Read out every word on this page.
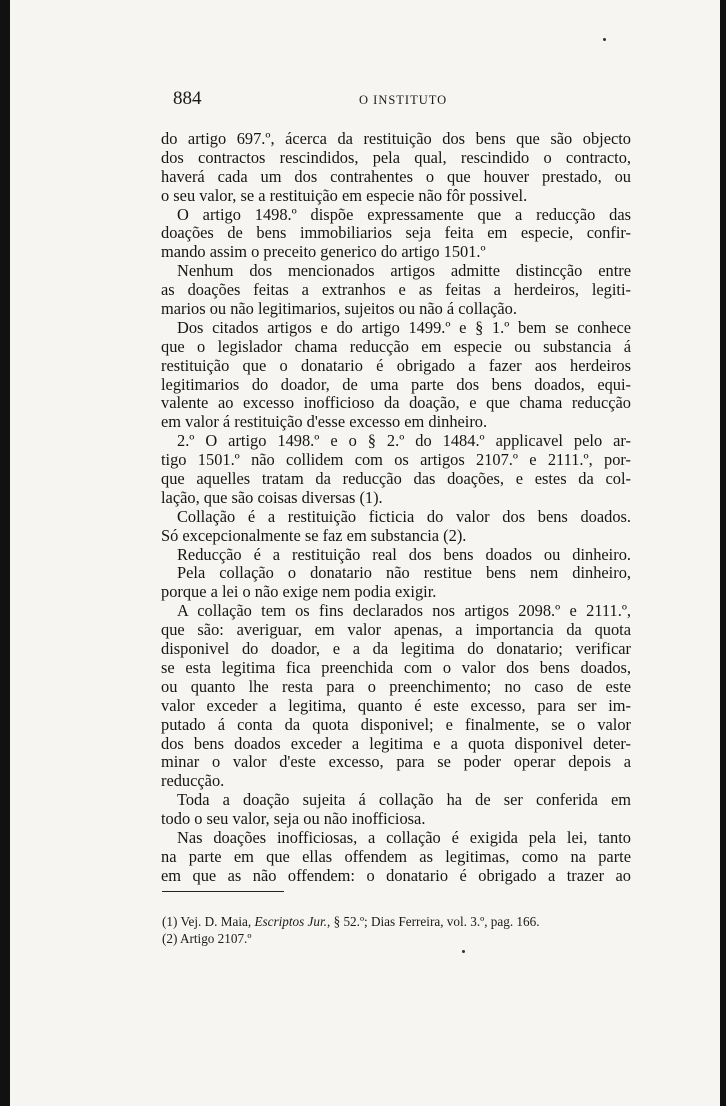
884	O INSTITUTO
do artigo 697.º, ácerca da restituição dos bens que são objecto
dos contractos rescindidos, pela qual, rescindido o contracto,
haverá cada um dos contrahentes o que houver prestado, ou
o seu valor, se a restituição em especie não fôr possivel.
O artigo 1498.º dispõe expressamente que a reducção das
doações de bens immobiliarios seja feita em especie, confir-
mando assim o preceito generico do artigo 1501.º
Nenhum dos mencionados artigos admitte distincção entre
as doações feitas a extranhos e as feitas a herdeiros, legiti-
marios ou não legitimarios, sujeitos ou não á collação.
Dos citados artigos e do artigo 1499.º e § 1.º bem se conhece
que o legislador chama reducção em especie ou substancia á
restituição que o donatario é obrigado a fazer aos herdeiros
legitimarios do doador, de uma parte dos bens doados, equi-
valente ao excesso inofficioso da doação, e que chama reducção
em valor á restituição d'esse excesso em dinheiro.
2.º O artigo 1498.º e o § 2.º do 1484.º applicavel pelo ar-
tigo 1501.º não collidem com os artigos 2107.º e 2111.º, por-
que aquelles tratam da reducção das doações, e estes da col-
lação, que são coisas diversas (1).
Collação é a restituição ficticia do valor dos bens doados.
Só excepcionalmente se faz em substancia (2).
Reducção é a restituição real dos bens doados ou dinheiro.
Pela collação o donatario não restitue bens nem dinheiro,
porque a lei o não exige nem podia exigir.
A collação tem os fins declarados nos artigos 2098.º e 2111.º,
que são: averiguar, em valor apenas, a importancia da quota
disponivel do doador, e a da legitima do donatario; verificar
se esta legitima fica preenchida com o valor dos bens doados,
ou quanto lhe resta para o preenchimento; no caso de este
valor exceder a legitima, quanto é este excesso, para ser im-
putado á conta da quota disponivel; e finalmente, se o valor
dos bens doados exceder a legitima e a quota disponivel deter-
minar o valor d'este excesso, para se poder operar depois a
reducção.
Toda a doação sujeita á collação ha de ser conferida em
todo o seu valor, seja ou não inofficiosa.
Nas doações inofficiosas, a collação é exigida pela lei, tanto
na parte em que ellas offendem as legitimas, como na parte
em que as não offendem: o donatario é obrigado a trazer ao
(1) Vej. D. Maia, Escriptos Jur., § 52.º; Dias Ferreira, vol. 3.º, pag. 166.
(2) Artigo 2107.º
